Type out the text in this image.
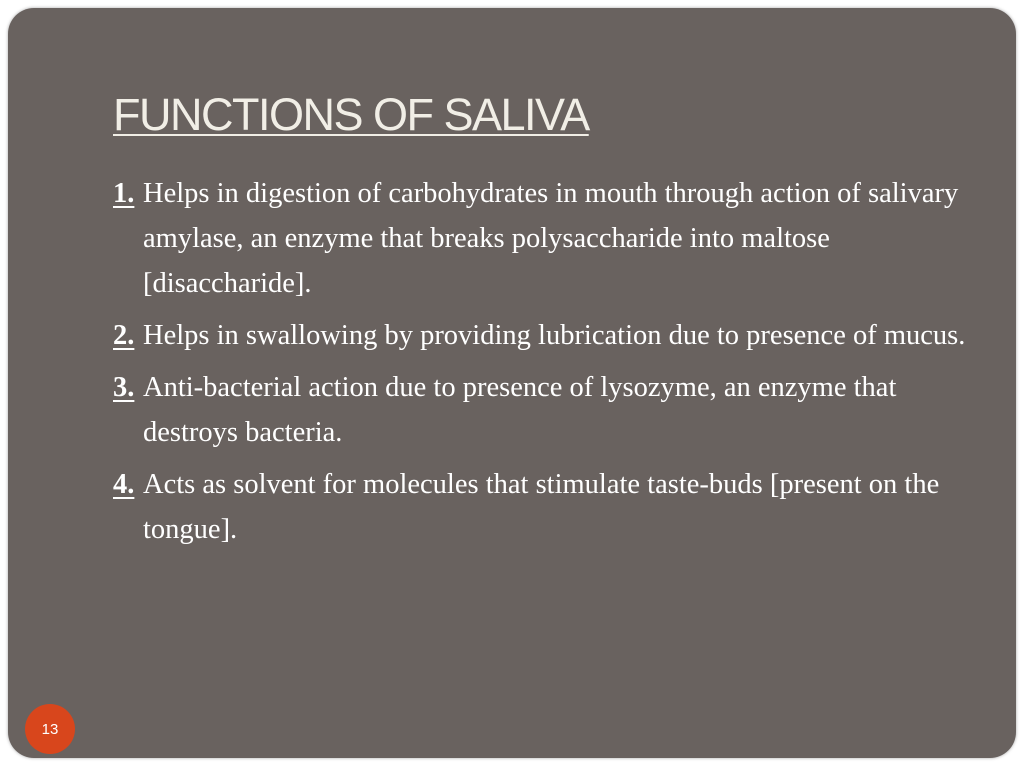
FUNCTIONS OF SALIVA
1. Helps in digestion of carbohydrates in mouth through action of salivary amylase, an enzyme that breaks polysaccharide into maltose [disaccharide].
2. Helps in swallowing by providing lubrication due to presence of mucus.
3. Anti-bacterial action due to presence of lysozyme, an enzyme that destroys bacteria.
4. Acts as solvent for molecules that stimulate taste-buds [present on the tongue].
13
